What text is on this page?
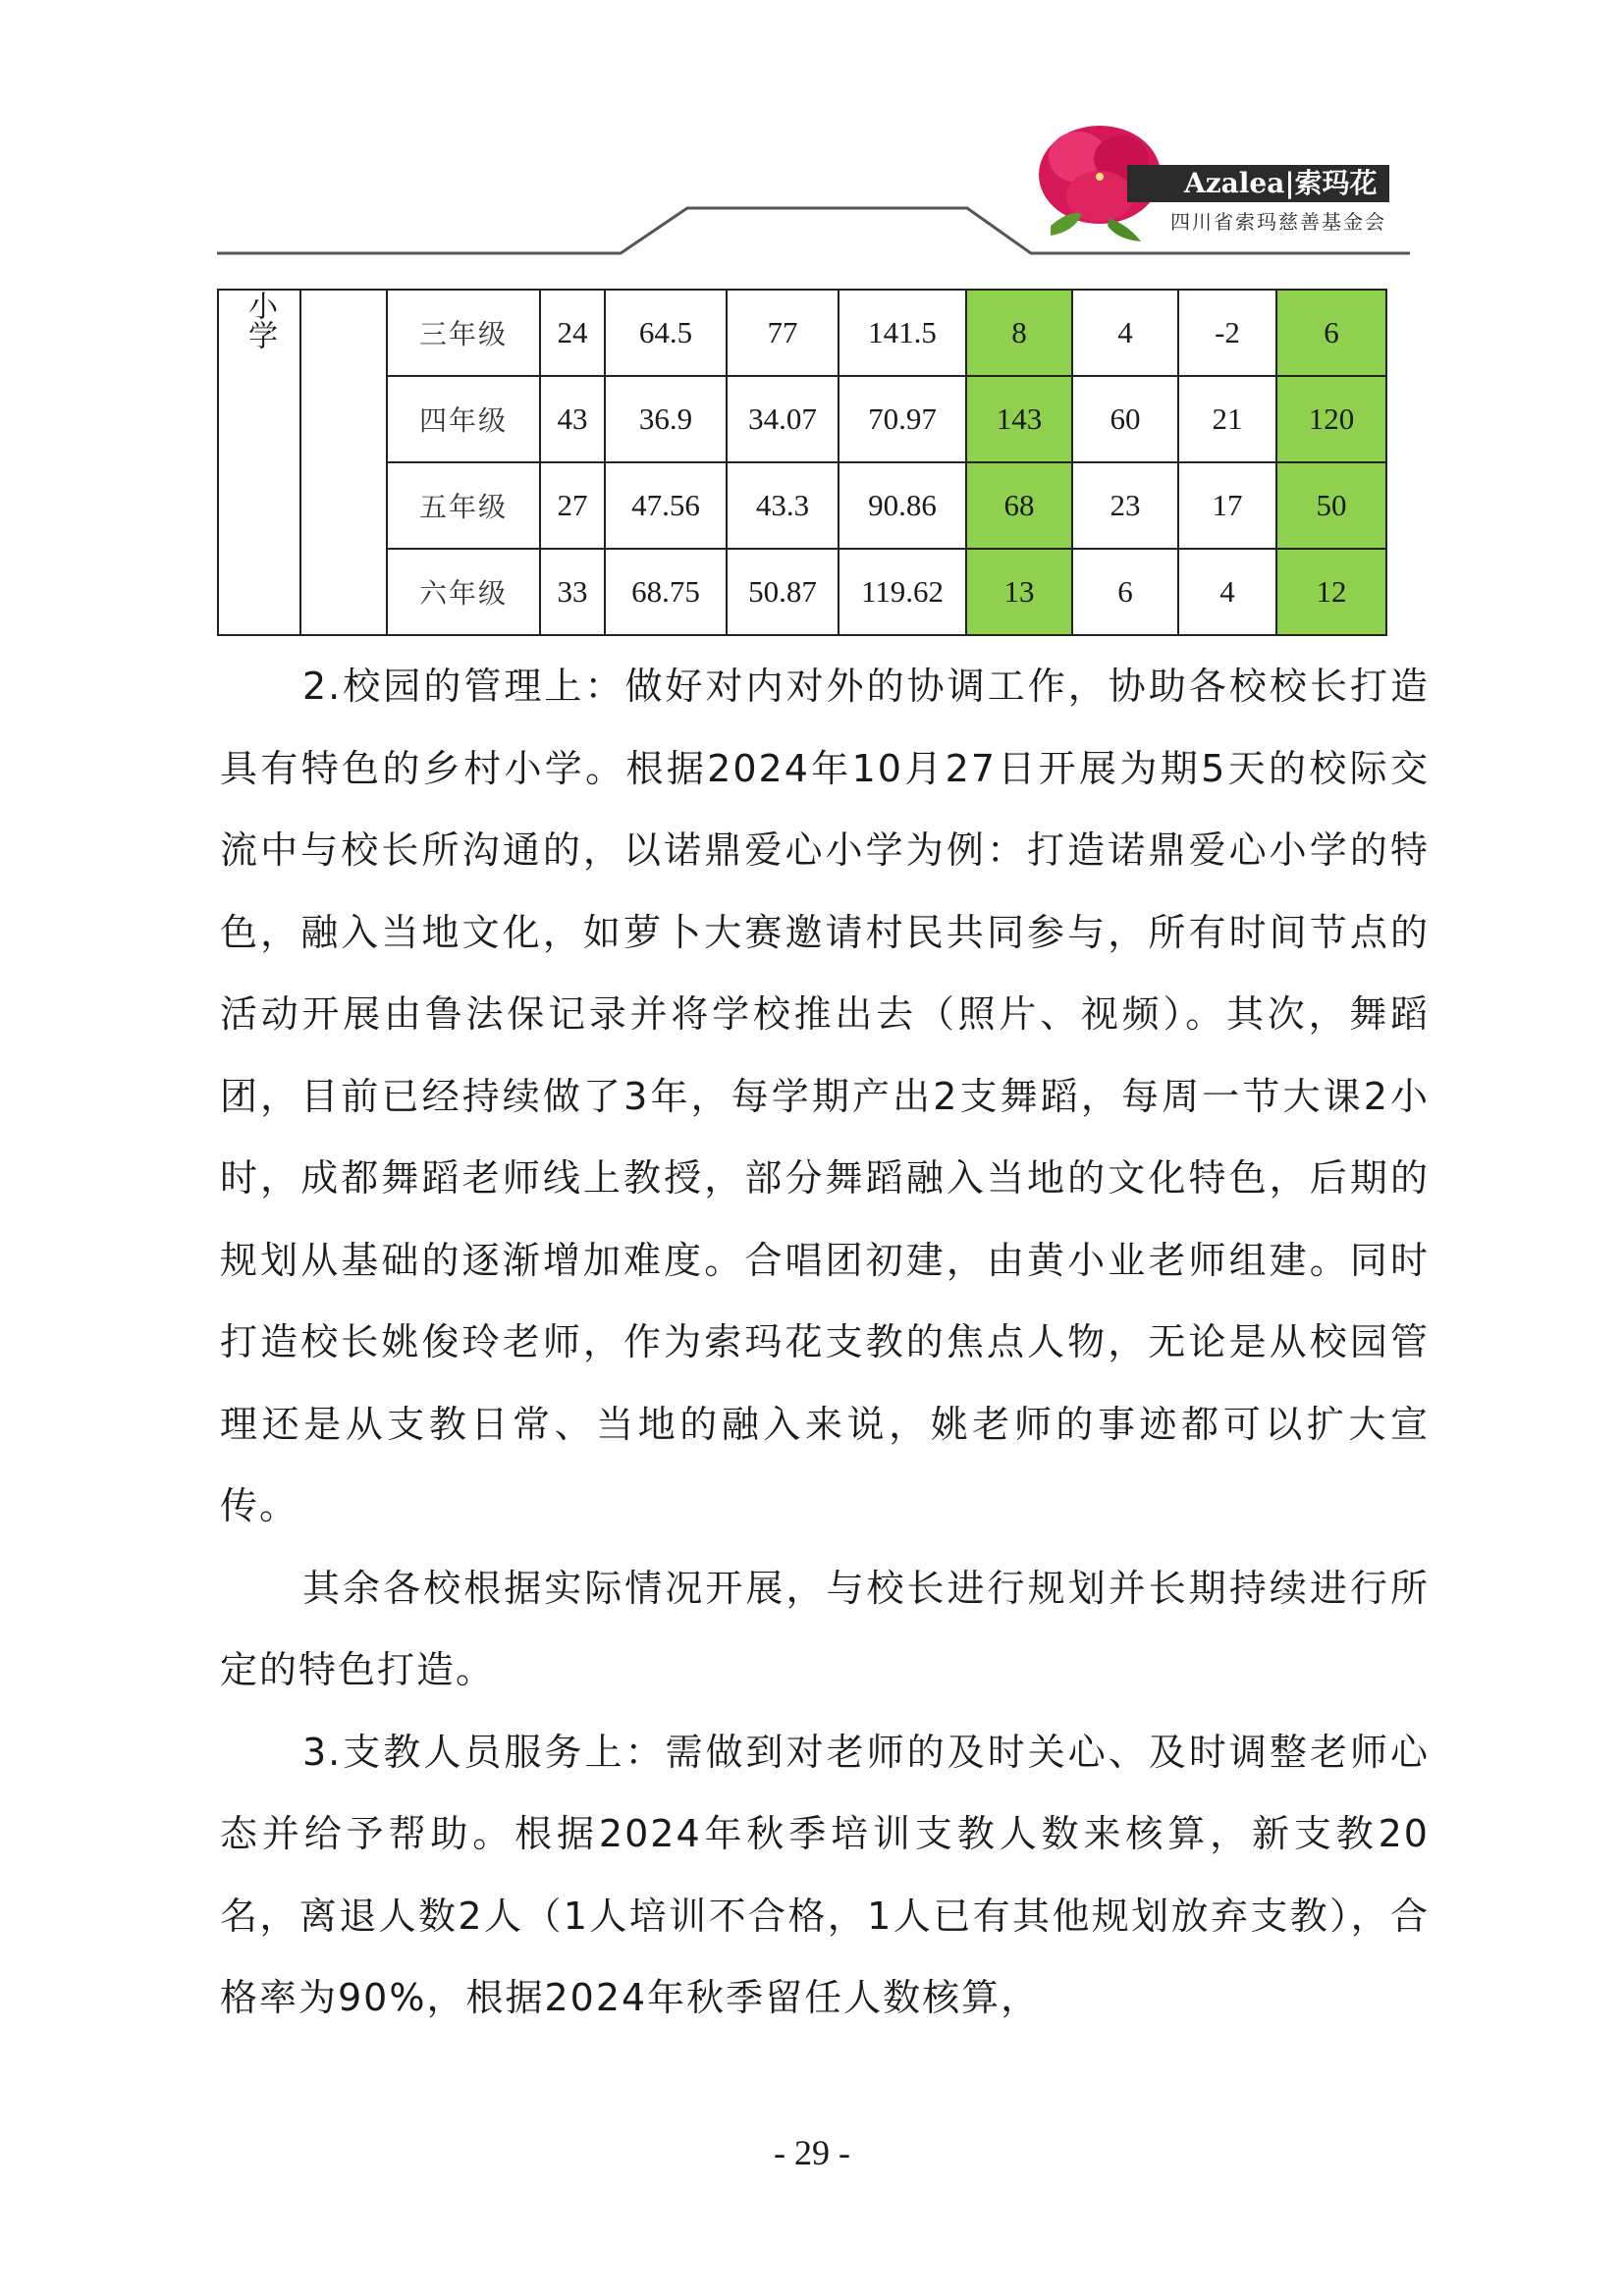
Azalea|索玛花
四川省索玛慈善基金会
小学		三年级	24	64.5	77	141.5	8	4	-2	6
		四年级	43	36.9	34.07	70.97	143	60	21	120
		五年级	27	47.56	43.3	90.86	68	23	17	50
		六年级	33	68.75	50.87	119.62	13	6	4	12

2.校园的管理上：做好对内对外的协调工作，协助各校校长打造具有特色的乡村小学。根据2024年10月27日开展为期5天的校际交流中与校长所沟通的，以诺鼎爱心小学为例：打造诺鼎爱心小学的特色，融入当地文化，如萝卜大赛邀请村民共同参与，所有时间节点的活动开展由鲁法保记录并将学校推出去（照片、视频）。其次，舞蹈团，目前已经持续做了3年，每学期产出2支舞蹈，每周一节大课2小时，成都舞蹈老师线上教授，部分舞蹈融入当地的文化特色，后期的规划从基础的逐渐增加难度。合唱团初建，由黄小业老师组建。同时打造校长姚俊玲老师，作为索玛花支教的焦点人物，无论是从校园管理还是从支教日常、当地的融入来说，姚老师的事迹都可以扩大宣传。

其余各校根据实际情况开展，与校长进行规划并长期持续进行所定的特色打造。

3.支教人员服务上：需做到对老师的及时关心、及时调整老师心态并给予帮助。根据2024年秋季培训支教人数来核算，新支教20名，离退人数2人（1人培训不合格，1人已有其他规划放弃支教），合格率为90%，根据2024年秋季留任人数核算，

- 29 -
